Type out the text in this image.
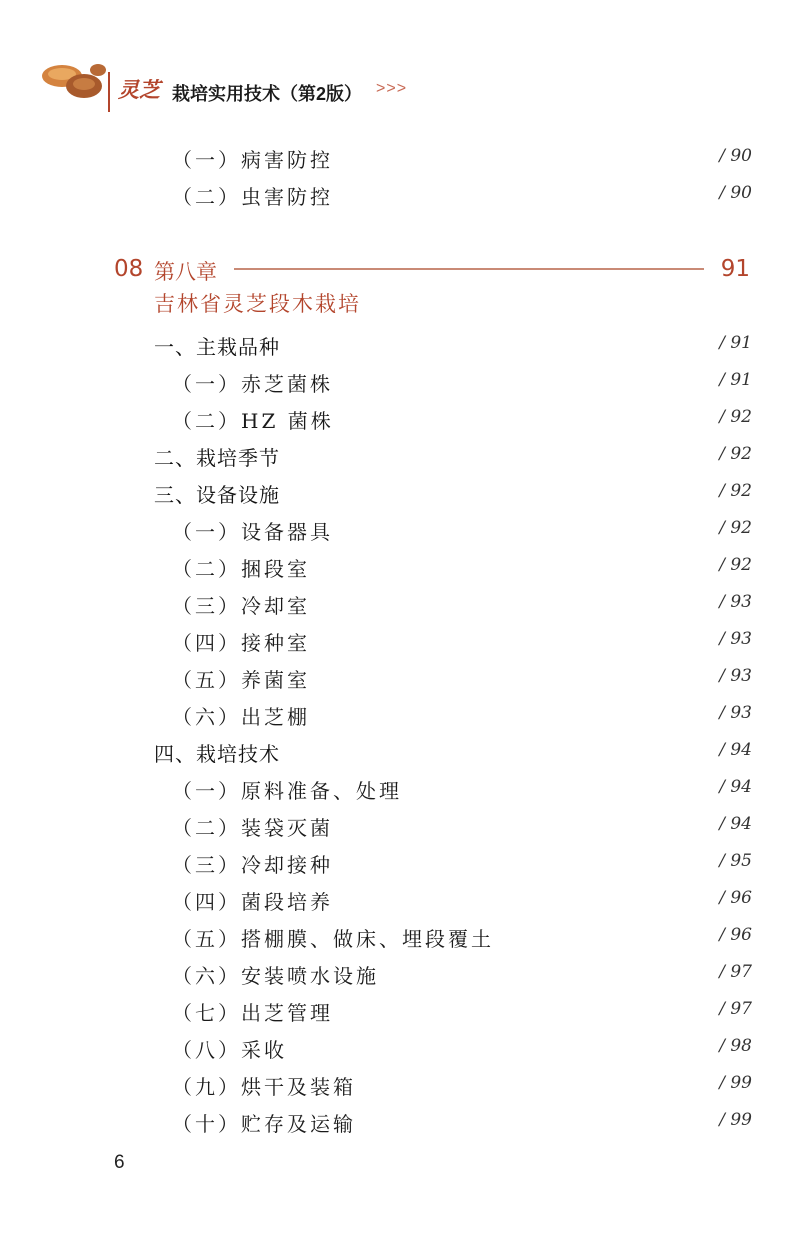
灵芝 栽培实用技术（第2版） >>>
（一）病害防控	/ 90
（二）虫害防控	/ 90
08 第八章	91
吉林省灵芝段木栽培
一、主栽品种	/ 91
（一）赤芝菌株	/ 91
（二）HZ 菌株	/ 92
二、栽培季节	/ 92
三、设备设施	/ 92
（一）设备器具	/ 92
（二）捆段室	/ 92
（三）冷却室	/ 93
（四）接种室	/ 93
（五）养菌室	/ 93
（六）出芝棚	/ 93
四、栽培技术	/ 94
（一）原料准备、处理	/ 94
（二）装袋灭菌	/ 94
（三）冷却接种	/ 95
（四）菌段培养	/ 96
（五）搭棚膜、做床、埋段覆土	/ 96
（六）安装喷水设施	/ 97
（七）出芝管理	/ 97
（八）采收	/ 98
（九）烘干及装箱	/ 99
（十）贮存及运输	/ 99
6
